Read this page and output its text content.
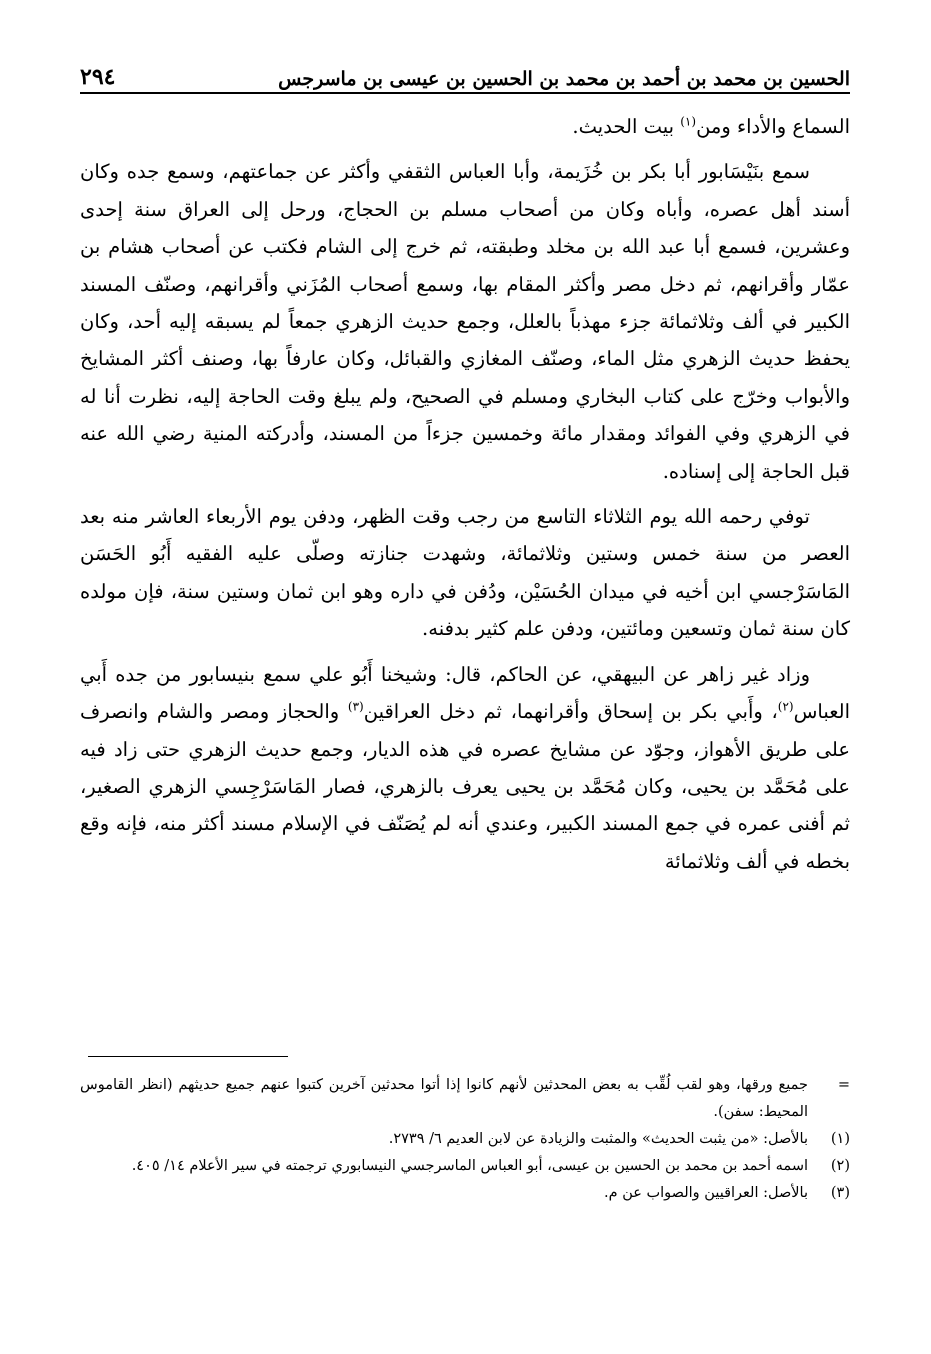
الحسين بن محمد بن أحمد بن محمد بن الحسين بن عيسى بن ماسرجس
٢٩٤

السماع والأداء ومن$^{(١)}$ بيت الحديث.

سمع بنَيْسَابور أبا بكر بن خُزَيمة، وأبا العباس الثقفي وأكثر عن جماعتهم، وسمع جده وكان أسند أهل عصره، وأباه وكان من أصحاب مسلم بن الحجاج، ورحل إلى العراق سنة إحدى وعشرين، فسمع أبا عبد الله بن مخلد وطبقته، ثم خرج إلى الشام فكتب عن أصحاب هشام بن عمّار وأقرانهم، ثم دخل مصر وأكثر المقام بها، وسمع أصحاب المُزَني وأقرانهم، وصنّف المسند الكبير في ألف وثلاثمائة جزء مهذباً بالعلل، وجمع حديث الزهري جمعاً لم يسبقه إليه أحد، وكان يحفظ حديث الزهري مثل الماء، وصنّف المغازي والقبائل، وكان عارفاً بها، وصنف أكثر المشايخ والأبواب وخرّج على كتاب البخاري ومسلم في الصحيح، ولم يبلغ وقت الحاجة إليه، نظرت أنا له في الزهري وفي الفوائد ومقدار مائة وخمسين جزءاً من المسند، وأدركته المنية رضي الله عنه قبل الحاجة إلى إسناده.

توفي رحمه الله يوم الثلاثاء التاسع من رجب وقت الظهر، ودفن يوم الأربعاء العاشر منه بعد العصر من سنة خمس وستين وثلاثمائة، وشهدت جنازته وصلّى عليه الفقيه أَبُو الحَسَن المَاسَرْجسي ابن أخيه في ميدان الحُسَيْن، ودُفن في داره وهو ابن ثمان وستين سنة، فإن مولده كان سنة ثمان وتسعين ومائتين، ودفن علم كثير بدفنه.

وزاد غير زاهر عن البيهقي، عن الحاكم، قال: وشيخنا أَبُو علي سمع بنيسابور من جده أَبي العباس$^{(٢)}$، وأَبي بكر بن إسحاق وأقرانهما، ثم دخل العراقين$^{(٣)}$ والحجاز ومصر والشام وانصرف على طريق الأهواز، وجوّد عن مشايخ عصره في هذه الديار، وجمع حديث الزهري حتى زاد فيه على مُحَمَّد بن يحيى، وكان مُحَمَّد بن يحيى يعرف بالزهري، فصار المَاسَرْجِسي الزهري الصغير، ثم أفنى عمره في جمع المسند الكبير، وعندي أنه لم يُصَنّف في الإسلام مسند أكثر منه، فإنه وقع بخطه في ألف وثلاثمائة

=
جميع ورقها، وهو لقب لُقِّب به بعض المحدثين لأنهم كانوا إذا أتوا محدثين آخرين كتبوا عنهم جميع حديثهم (انظر القاموس المحيط: سفن).
(١)
بالأصل: «من يثبت الحديث» والمثبت والزيادة عن لابن العديم ٦/ ٢٧٣٩.
(٢)
اسمه أحمد بن محمد بن الحسين بن عيسى، أبو العباس الماسرجسي النيسابوري ترجمته في سير الأعلام ١٤/ ٤٠٥.
(٣)
بالأصل: العراقيين والصواب عن م.
